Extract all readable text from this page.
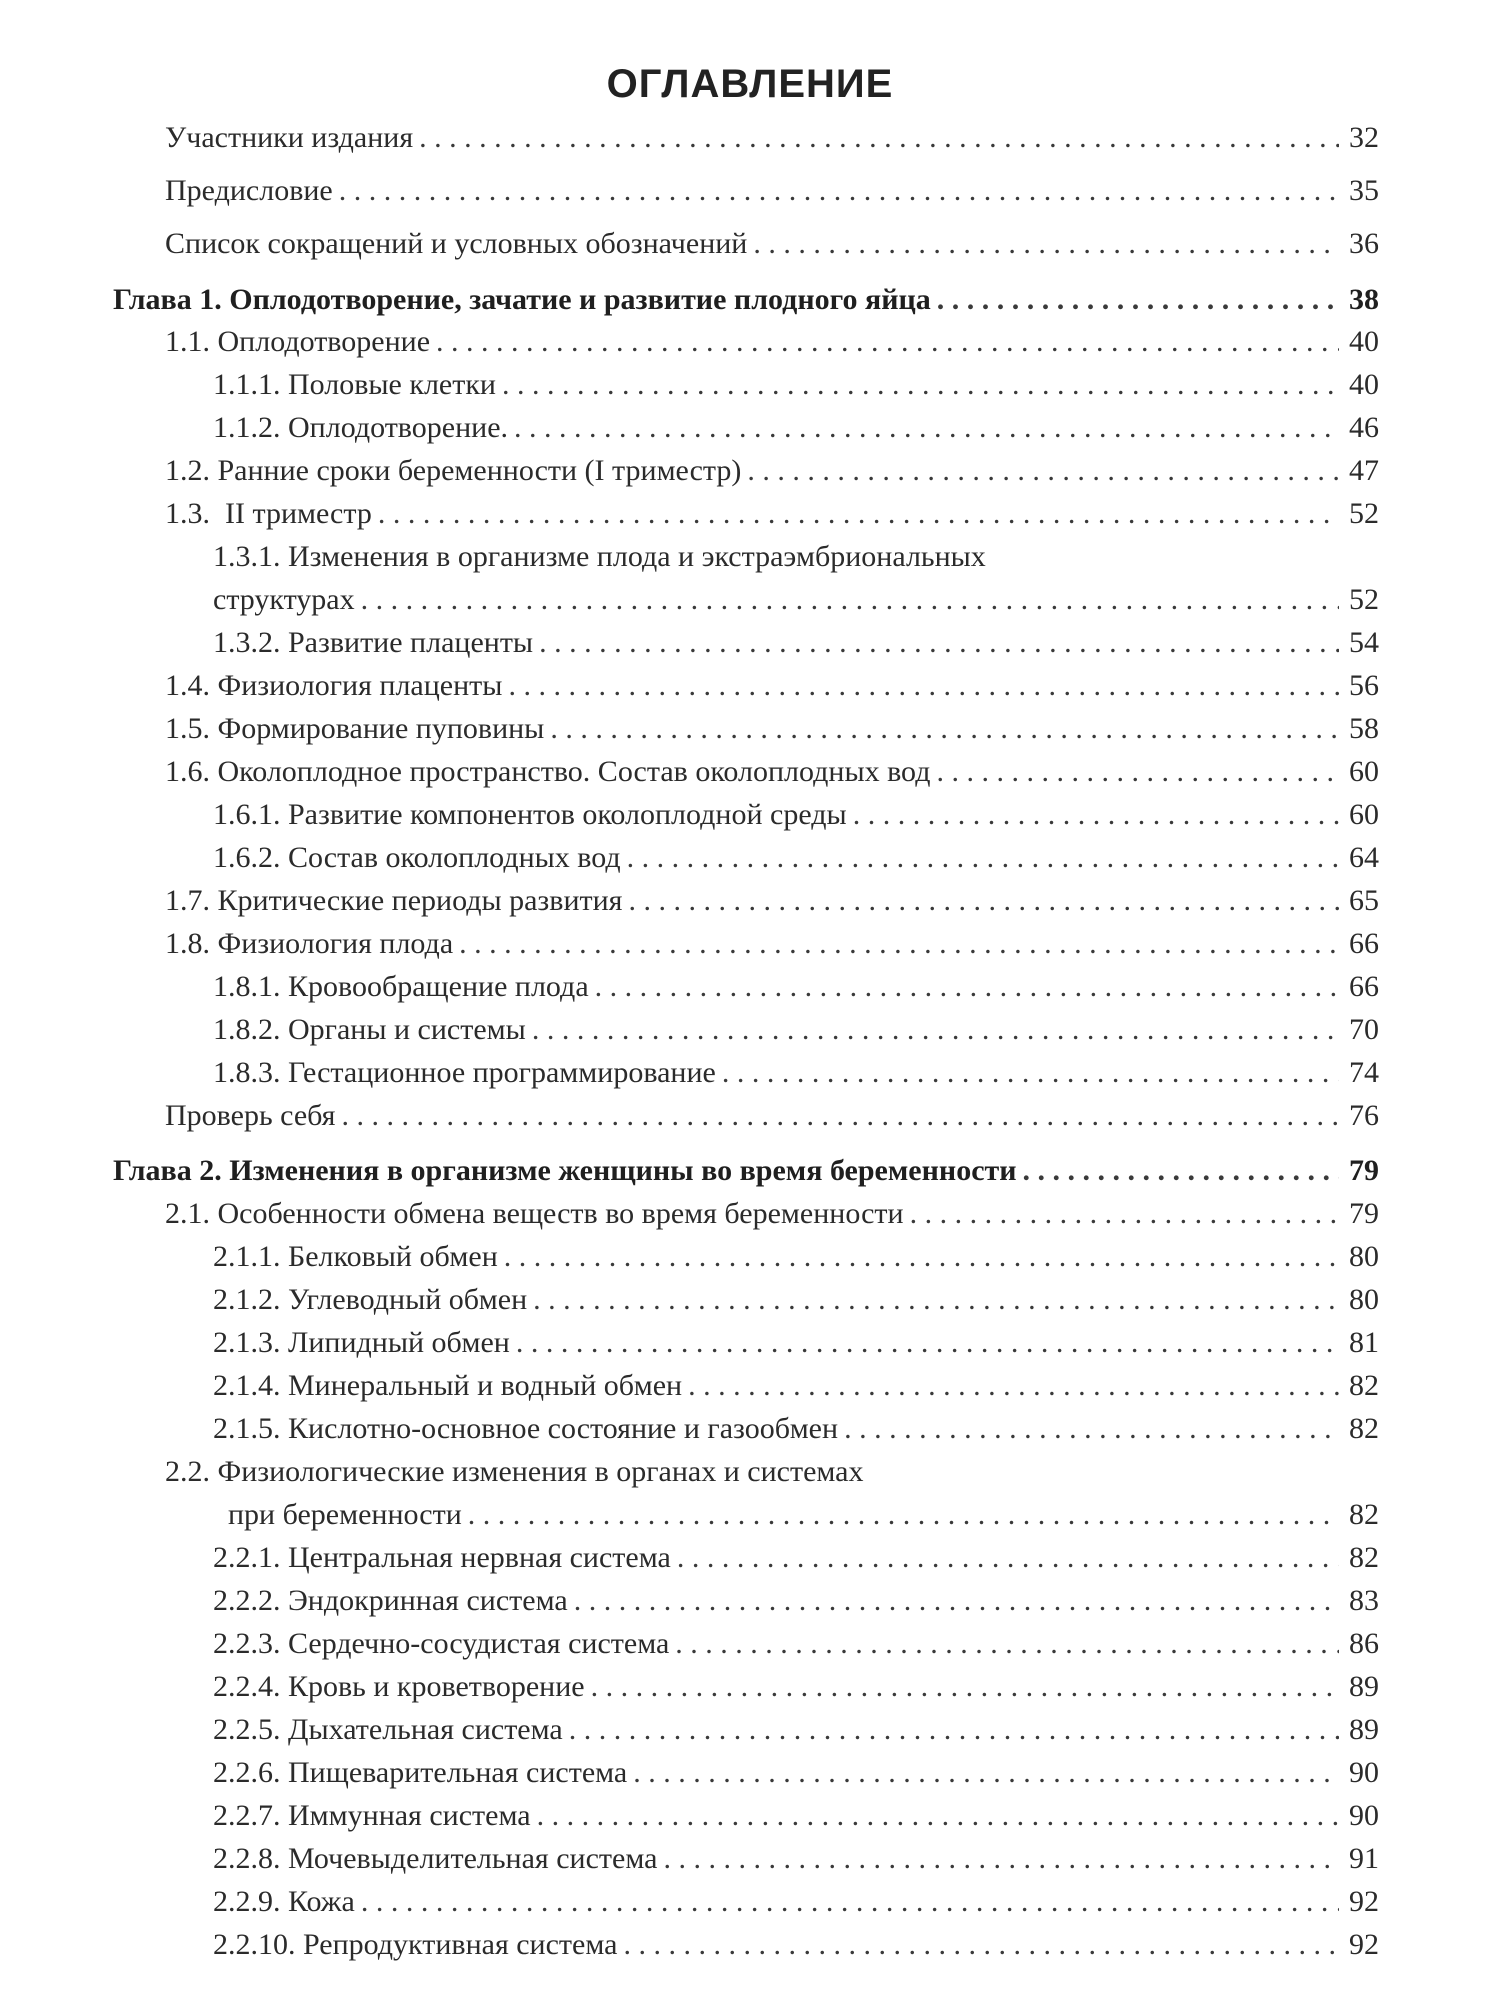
ОГЛАВЛЕНИЕ
Участники издания . . .	32
Предисловие . . .	35
Список сокращений и условных обозначений . . .	36
Глава 1. Оплодотворение, зачатие и развитие плодного яйца . . .	38
1.1. Оплодотворение . . .	40
1.1.1. Половые клетки . . .	40
1.1.2. Оплодотворение. . . .	46
1.2. Ранние сроки беременности (I триместр) . . .	47
1.3.  II триместр . . .	52
1.3.1. Изменения в организме плода и экстраэмбриональных
структурах . . .	52
1.3.2. Развитие плаценты . . .	54
1.4. Физиология плаценты . . .	56
1.5. Формирование пуповины . . .	58
1.6. Околоплодное пространство. Состав околоплодных вод . . .	60
1.6.1. Развитие компонентов околоплодной среды . . .	60
1.6.2. Состав околоплодных вод . . .	64
1.7. Критические периоды развития . . .	65
1.8. Физиология плода . . .	66
1.8.1. Кровообращение плода . . .	66
1.8.2. Органы и системы . . .	70
1.8.3. Гестационное программирование . . .	74
Проверь себя . . .	76
Глава 2. Изменения в организме женщины во время беременности . . .	79
2.1. Особенности обмена веществ во время беременности . . .	79
2.1.1. Белковый обмен . . .	80
2.1.2. Углеводный обмен . . .	80
2.1.3. Липидный обмен . . .	81
2.1.4. Минеральный и водный обмен . . .	82
2.1.5. Кислотно-основное состояние и газообмен . . .	82
2.2. Физиологические изменения в органах и системах
при беременности . . .	82
2.2.1. Центральная нервная система . . .	82
2.2.2. Эндокринная система . . .	83
2.2.3. Сердечно-сосудистая система . . .	86
2.2.4. Кровь и кроветворение . . .	89
2.2.5. Дыхательная система . . .	89
2.2.6. Пищеварительная система . . .	90
2.2.7. Иммунная система . . .	90
2.2.8. Мочевыделительная система . . .	91
2.2.9. Кожа . . .	92
2.2.10. Репродуктивная система . . .	92
